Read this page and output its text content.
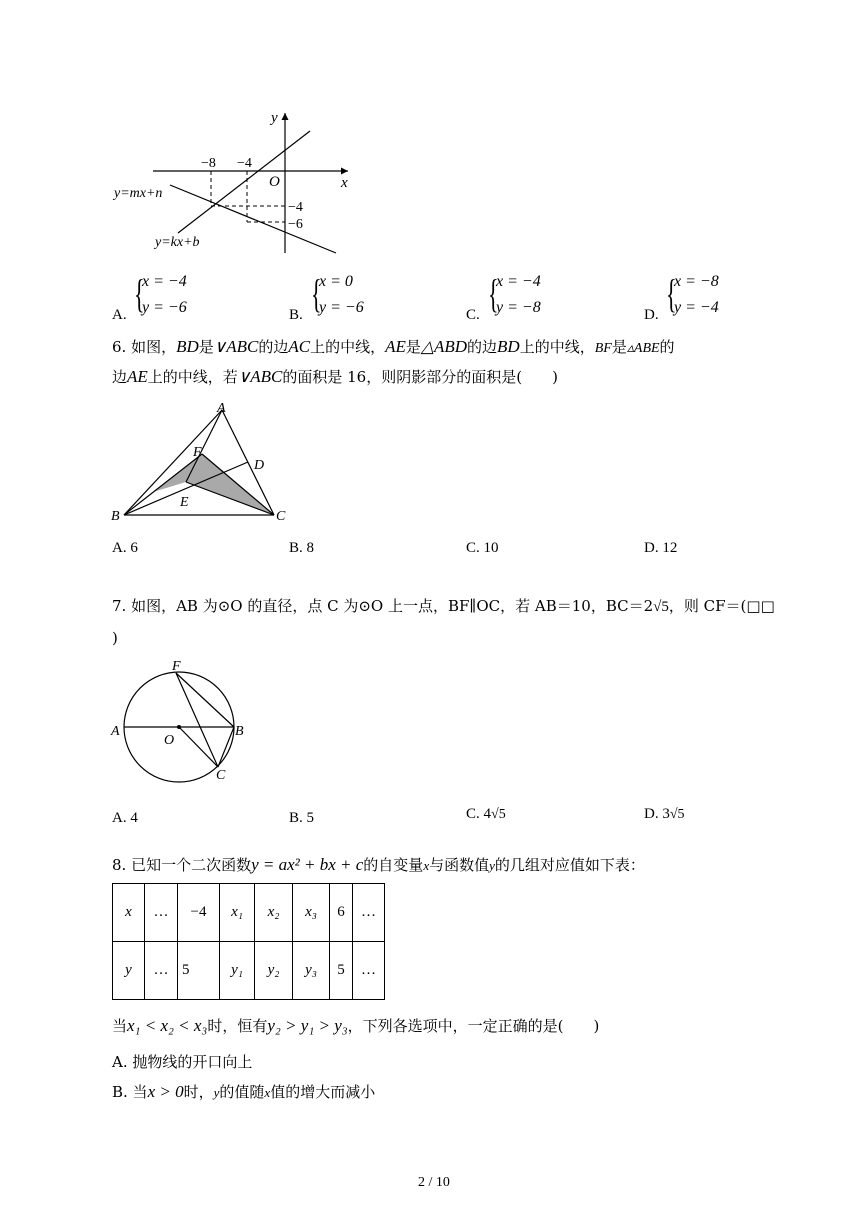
y
x
O
−8 −4
−4
−6
y=mx+n
y=kx+b
A. {
x = −4
y = −6	B. {
x = 0
y = −6	C. {
x = −4
y = −8	D. {
x = −8
y = −4
6. 如图，BD是∨ABC的边AC上的中线，AE是△ABD的边BD上的中线，BF是▵ABE的
边AE上的中线，若∨ABC的面积是 16，则阴影部分的面积是(　　)
A
B	C
D
E
F
A. 6	B. 8	C. 10	D. 12
7. 如图，AB 为⊙O 的直径，点 C 为⊙O 上一点，BF∥OC，若 AB＝10，BC＝2√5，则 CF＝(□□
)
A	B
C
F
O
A. 4	B. 5	C. 4√5	D. 3√5
8. 已知一个二次函数y = ax² + bx + c的自变量x与函数值y的几组对应值如下表：
x	…	−4	x₁	x₂	x₃	6	…
y	…	5	y₁	y₂	y₃	5	…
当x₁ < x₂ < x₃时，恒有y₂ > y₁ > y₃，下列各选项中，一定正确的是(　　)
A. 抛物线的开口向上
B. 当x > 0时，y的值随x值的增大而减小
2 / 10
